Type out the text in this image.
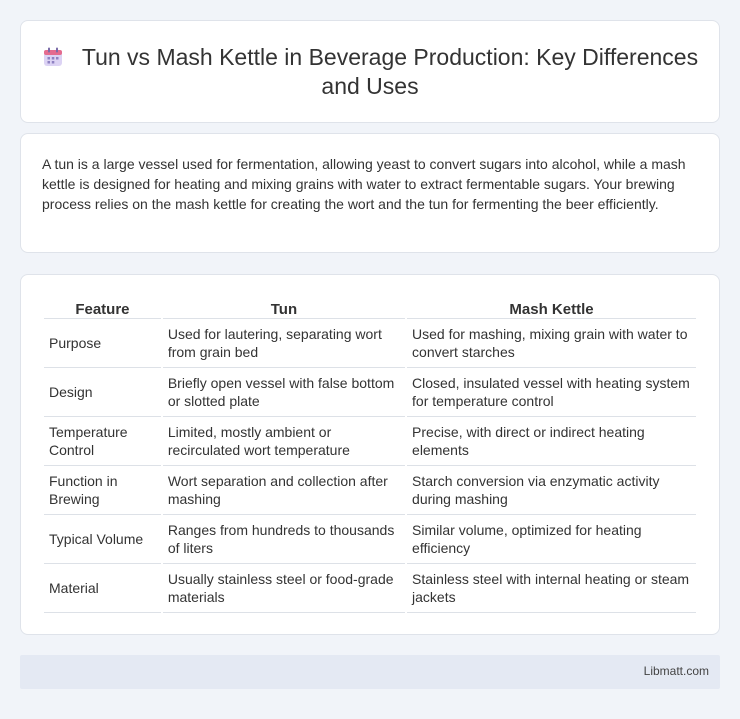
Tun vs Mash Kettle in Beverage Production: Key Differences and Uses

A tun is a large vessel used for fermentation, allowing yeast to convert sugars into alcohol, while a mash kettle is designed for heating and mixing grains with water to extract fermentable sugars. Your brewing process relies on the mash kettle for creating the wort and the tun for fermenting the beer efficiently.

Feature	Tun	Mash Kettle
Purpose	Used for lautering, separating wort from grain bed	Used for mashing, mixing grain with water to convert starches
Design	Briefly open vessel with false bottom or slotted plate	Closed, insulated vessel with heating system for temperature control
Temperature Control	Limited, mostly ambient or recirculated wort temperature	Precise, with direct or indirect heating elements
Function in Brewing	Wort separation and collection after mashing	Starch conversion via enzymatic activity during mashing
Typical Volume	Ranges from hundreds to thousands of liters	Similar volume, optimized for heating efficiency
Material	Usually stainless steel or food-grade materials	Stainless steel with internal heating or steam jackets
Libmatt.com
